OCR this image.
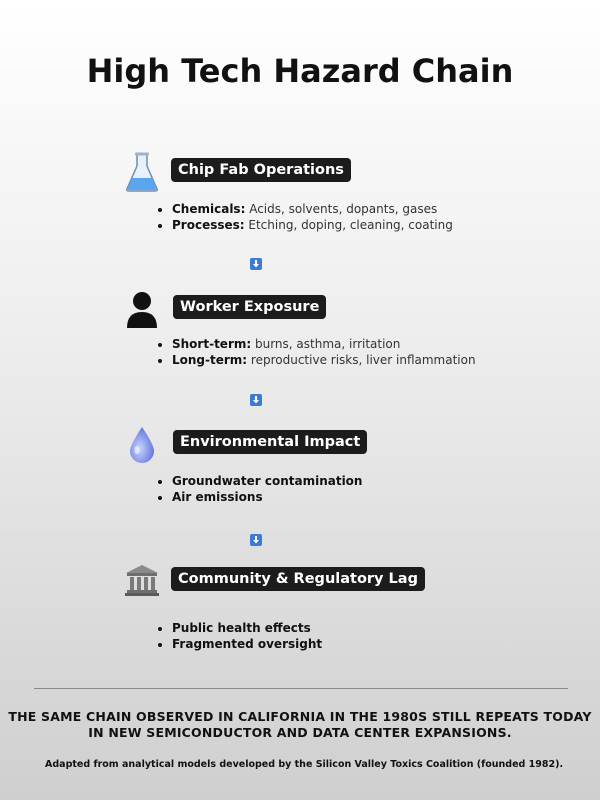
High Tech Hazard Chain
Chip Fab Operations
• Chemicals: Acids, solvents, dopants, gases
• Processes: Etching, doping, cleaning, coating
Worker Exposure
• Short-term: burns, asthma, irritation
• Long-term: reproductive risks, liver inflammation
Environmental Impact
• Groundwater contamination
• Air emissions
Community & Regulatory Lag
• Public health effects
• Fragmented oversight
THE SAME CHAIN OBSERVED IN CALIFORNIA IN THE 1980S STILL REPEATS TODAY IN NEW SEMICONDUCTOR AND DATA CENTER EXPANSIONS.
Adapted from analytical models developed by the Silicon Valley Toxics Coalition (founded 1982).
